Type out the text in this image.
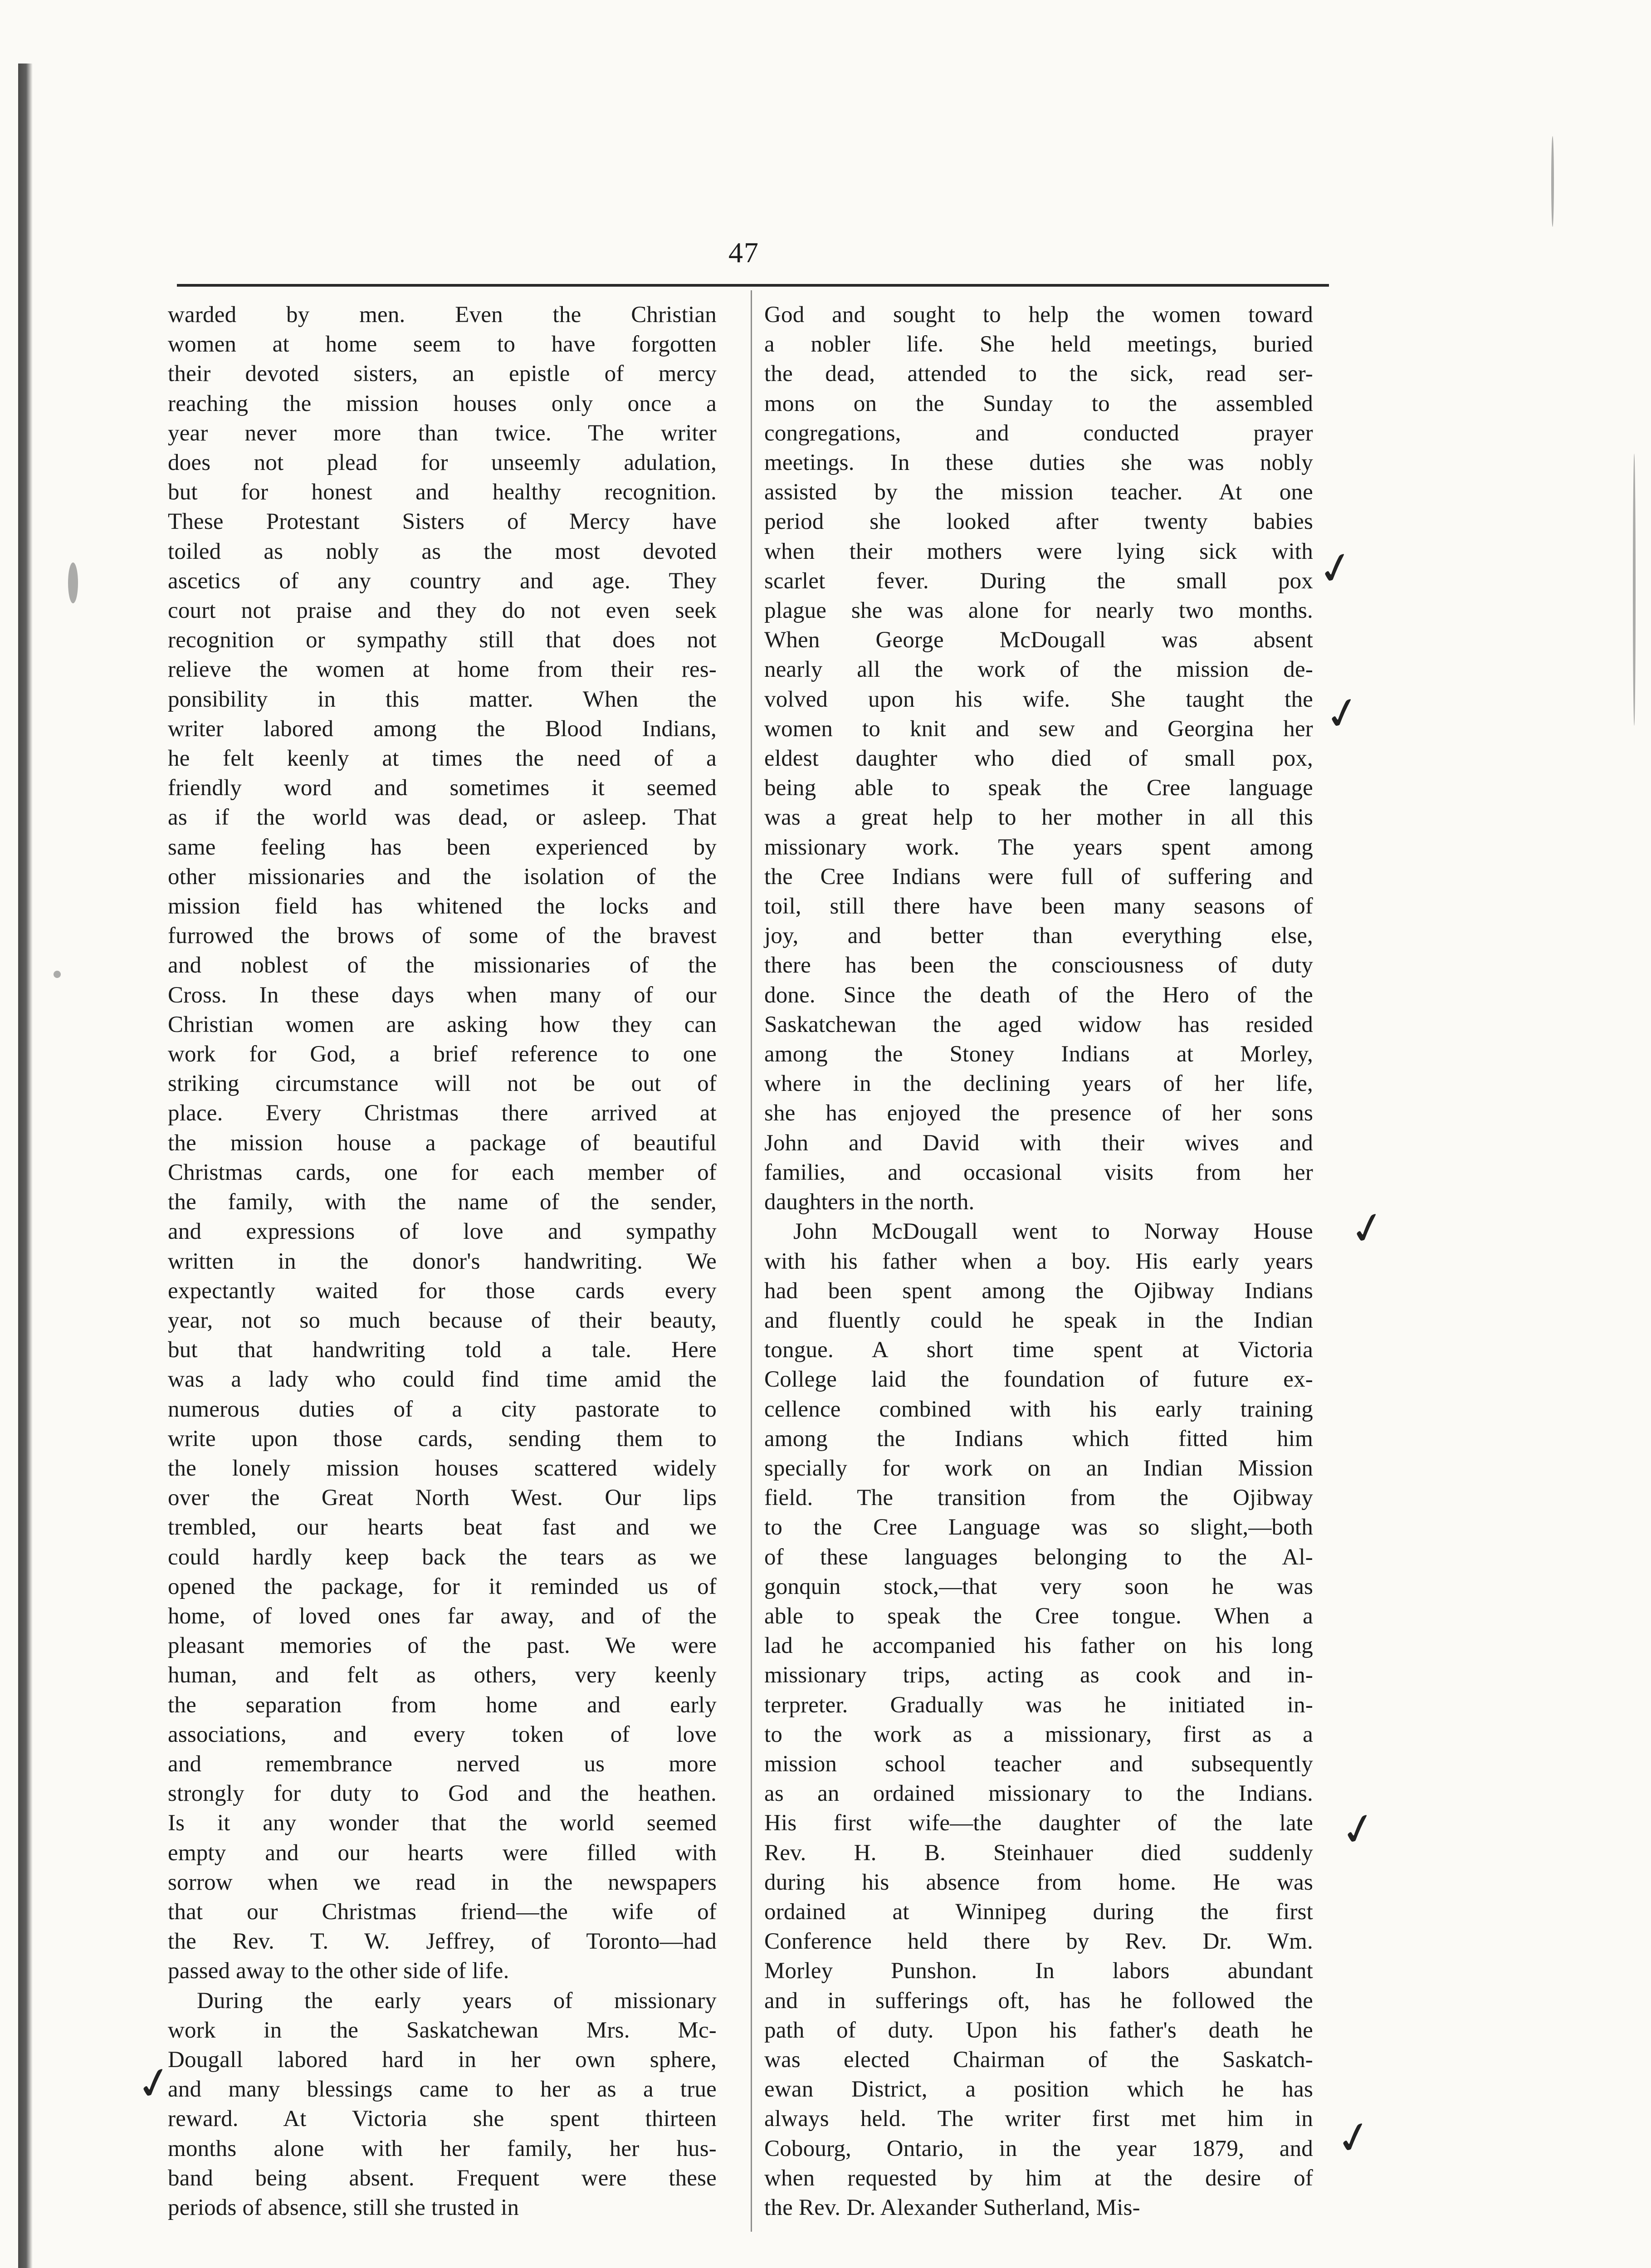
47
warded by men. Even the Christian
women at home seem to have forgotten
their devoted sisters, an epistle of mercy
reaching the mission houses only once a
year never more than twice. The writer
does not plead for unseemly adulation,
but for honest and healthy recognition.
These Protestant Sisters of Mercy have
toiled as nobly as the most devoted
ascetics of any country and age. They
court not praise and they do not even seek
recognition or sympathy still that does not
relieve the women at home from their res-
ponsibility in this matter. When the
writer labored among the Blood Indians,
he felt keenly at times the need of a
friendly word and sometimes it seemed
as if the world was dead, or asleep. That
same feeling has been experienced by
other missionaries and the isolation of the
mission field has whitened the locks and
furrowed the brows of some of the bravest
and noblest of the missionaries of the
Cross. In these days when many of our
Christian women are asking how they can
work for God, a brief reference to one
striking circumstance will not be out of
place. Every Christmas there arrived at
the mission house a package of beautiful
Christmas cards, one for each member of
the family, with the name of the sender,
and expressions of love and sympathy
written in the donor's handwriting. We
expectantly waited for those cards every
year, not so much because of their beauty,
but that handwriting told a tale. Here
was a lady who could find time amid the
numerous duties of a city pastorate to
write upon those cards, sending them to
the lonely mission houses scattered widely
over the Great North West. Our lips
trembled, our hearts beat fast and we
could hardly keep back the tears as we
opened the package, for it reminded us of
home, of loved ones far away, and of the
pleasant memories of the past. We were
human, and felt as others, very keenly
the separation from home and early
associations, and every token of love
and remembrance nerved us more
strongly for duty to God and the heathen.
Is it any wonder that the world seemed
empty and our hearts were filled with
sorrow when we read in the newspapers
that our Christmas friend—the wife of
the Rev. T. W. Jeffrey, of Toronto—had
passed away to the other side of life.
During the early years of missionary
work in the Saskatchewan Mrs. Mc-
Dougall labored hard in her own sphere,
and many blessings came to her as a true
reward. At Victoria she spent thirteen
months alone with her family, her hus-
band being absent. Frequent were these
periods of absence, still she trusted in
God and sought to help the women toward
a nobler life. She held meetings, buried
the dead, attended to the sick, read ser-
mons on the Sunday to the assembled
congregations, and conducted prayer
meetings. In these duties she was nobly
assisted by the mission teacher. At one
period she looked after twenty babies
when their mothers were lying sick with
scarlet fever. During the small pox
plague she was alone for nearly two months.
When George McDougall was absent
nearly all the work of the mission de-
volved upon his wife. She taught the
women to knit and sew and Georgina her
eldest daughter who died of small pox,
being able to speak the Cree language
was a great help to her mother in all this
missionary work. The years spent among
the Cree Indians were full of suffering and
toil, still there have been many seasons of
joy, and better than everything else,
there has been the consciousness of duty
done. Since the death of the Hero of the
Saskatchewan the aged widow has resided
among the Stoney Indians at Morley,
where in the declining years of her life,
she has enjoyed the presence of her sons
John and David with their wives and
families, and occasional visits from her
daughters in the north.
John McDougall went to Norway House
with his father when a boy. His early years
had been spent among the Ojibway Indians
and fluently could he speak in the Indian
tongue. A short time spent at Victoria
College laid the foundation of future ex-
cellence combined with his early training
among the Indians which fitted him
specially for work on an Indian Mission
field. The transition from the Ojibway
to the Cree Language was so slight,—both
of these languages belonging to the Al-
gonquin stock,—that very soon he was
able to speak the Cree tongue. When a
lad he accompanied his father on his long
missionary trips, acting as cook and in-
terpreter. Gradually was he initiated in-
to the work as a missionary, first as a
mission school teacher and subsequently
as an ordained missionary to the Indians.
His first wife—the daughter of the late
Rev. H. B. Steinhauer died suddenly
during his absence from home. He was
ordained at Winnipeg during the first
Conference held there by Rev. Dr. Wm.
Morley Punshon. In labors abundant
and in sufferings oft, has he followed the
path of duty. Upon his father's death he
was elected Chairman of the Saskatch-
ewan District, a position which he has
always held. The writer first met him in
Cobourg, Ontario, in the year 1879, and
when requested by him at the desire of
the Rev. Dr. Alexander Sutherland, Mis-
✓
✓
✓
✓
✓
✓
